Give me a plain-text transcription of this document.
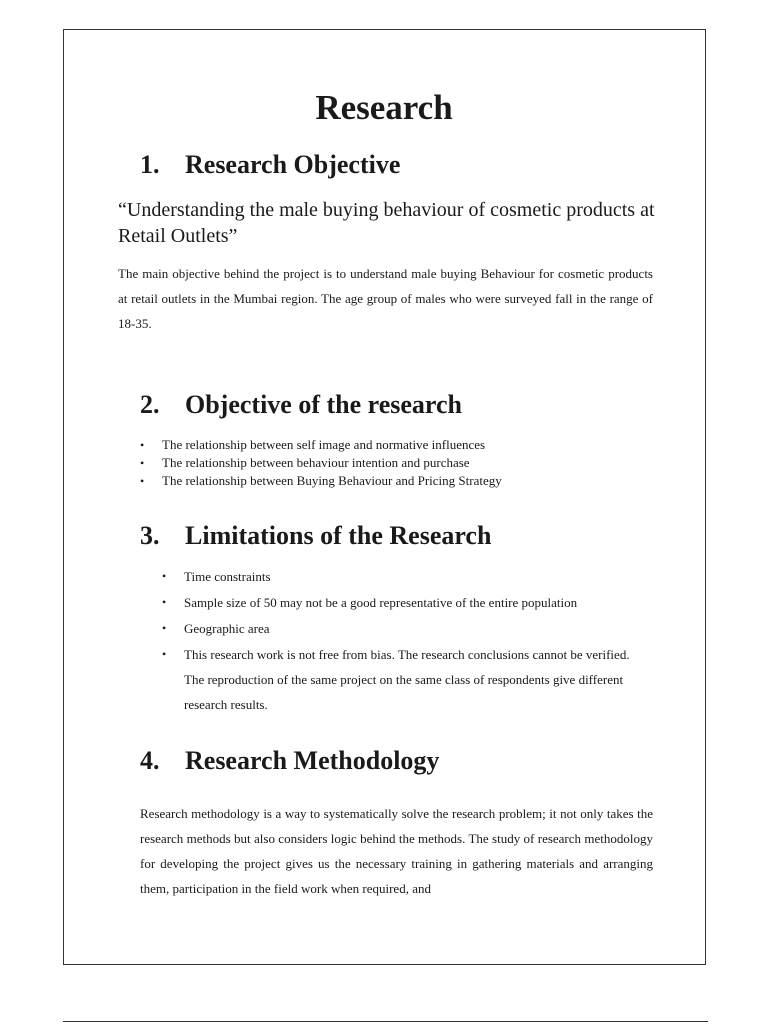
Research
1. Research Objective

“Understanding the male buying behaviour of cosmetic products at Retail Outlets”

The main objective behind the project is to understand male buying Behaviour for cosmetic products at retail outlets in the Mumbai region. The age group of males who were surveyed fall in the range of 18-35.

2. Objective of the research
• The relationship between self image and normative influences
• The relationship between behaviour intention and purchase
• The relationship between Buying Behaviour and Pricing Strategy
3. Limitations of the Research
• Time constraints
• Sample size of 50 may not be a good representative of the entire population
• Geographic area
• This research work is not free from bias. The research conclusions cannot be verified. The reproduction of the same project on the same class of respondents give different research results.
4. Research Methodology

Research methodology is a way to systematically solve the research problem; it not only takes the research methods but also considers logic behind the methods. The study of research methodology for developing the project gives us the necessary training in gathering materials and arranging them, participation in the field work when required, and
